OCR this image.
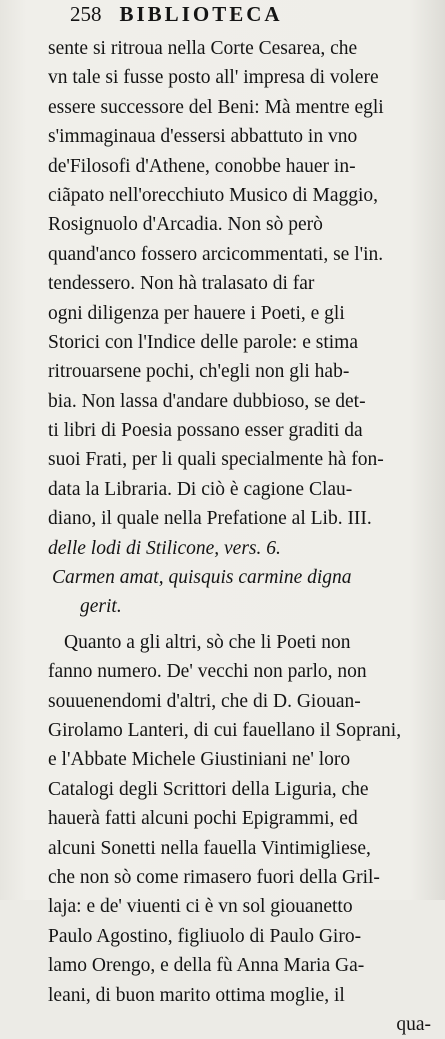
258 BIBLIOTECA
sente si ritroua nella Corte Cesarea, che
vn tale si fusse posto all' impresa di volere
essere successore del Beni: Mà mentre egli
s'immaginaua d'essersi abbattuto in vno
de'Filosofi d'Athene, conobbe hauer in-
ciãpato nell'orecchiuto Musico di Maggio,
Rosignuolo d'Arcadia. Non sò però
quand'anco fossero arcicommentati, se l'in.
tendessero. Non hà tralasato di far
ogni diligenza per hauere i Poeti, e gli
Storici con l'Indice delle parole: e stima
ritrouarsene pochi, ch'egli non gli hab-
bia. Non lassa d'andare dubbioso, se det-
ti libri di Poesia possano esser graditi da
suoi Frati, per li quali specialmente hà fon-
data la Libraria. Di ciò è cagione Clau-
diano, il quale nella Prefatione al Lib. III.
delle lodi di Stilicone, vers. 6.
Carmen amat, quisquis carmine digna
gerit.
Quanto a gli altri, sò che li Poeti non
fanno numero. De' vecchi non parlo, non
souuenendomi d'altri, che di D. Giouan-
Girolamo Lanteri, di cui fauellano il Soprani,
e l'Abbate Michele Giustiniani ne' loro
Catalogi degli Scrittori della Liguria, che
hauerà fatti alcuni pochi Epigrammi, ed
alcuni Sonetti nella fauella Vintimigliese,
che non sò come rimasero fuori della Gril-
laja: e de' viuenti ci è vn sol giouanetto
Paulo Agostino, figliuolo di Paulo Giro-
lamo Orengo, e della fù Anna Maria Ga-
leani, di buon marito ottima moglie, il
qua-
